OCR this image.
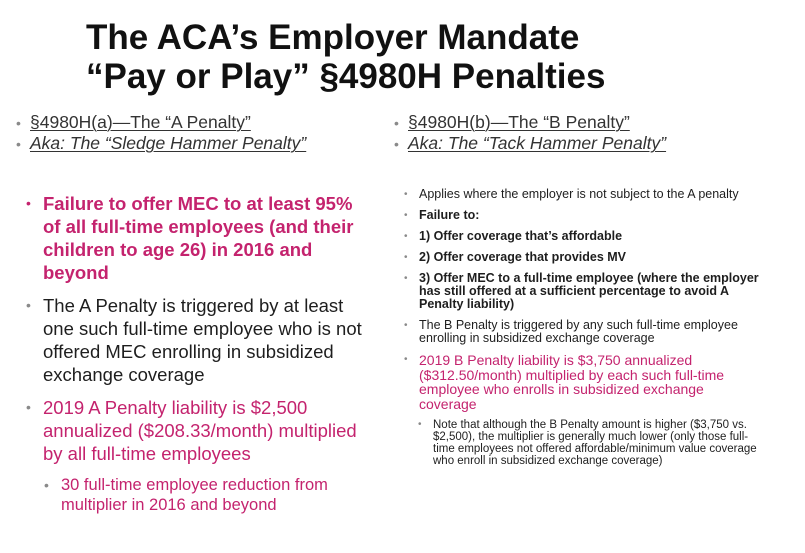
The ACA’s Employer Mandate
“Pay or Play” §4980H Penalties
• §4980H(a)—The “A Penalty”
• Aka: The “Sledge Hammer Penalty”
• §4980H(b)—The “B Penalty”
• Aka: The “Tack Hammer Penalty”
• Failure to offer MEC to at least 95% of all full-time employees (and their children to age 26) in 2016 and beyond
• The A Penalty is triggered by at least one such full-time employee who is not offered MEC enrolling in subsidized exchange coverage
• 2019 A Penalty liability is $2,500 annualized ($208.33/month) multiplied by all full-time employees
• 30 full-time employee reduction from multiplier in 2016 and beyond
• Applies where the employer is not subject to the A penalty
• Failure to:
• 1) Offer coverage that’s affordable
• 2) Offer coverage that provides MV
• 3) Offer MEC to a full-time employee (where the employer has still offered at a sufficient percentage to avoid A Penalty liability)
• The B Penalty is triggered by any such full-time employee enrolling in subsidized exchange coverage
• 2019 B Penalty liability is $3,750 annualized ($312.50/month) multiplied by each such full-time employee who enrolls in subsidized exchange coverage
• Note that although the B Penalty amount is higher ($3,750 vs. $2,500), the multiplier is generally much lower (only those full-time employees not offered affordable/minimum value coverage who enroll in subsidized exchange coverage)
